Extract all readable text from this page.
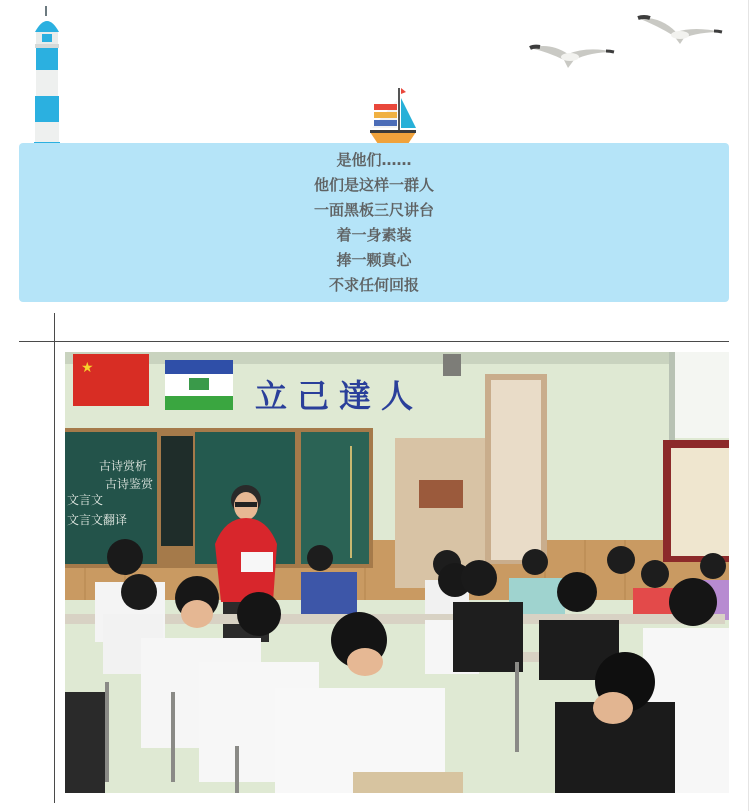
是他们……
他们是这样一群人
一面黑板三尺讲台
着一身素装
捧一颗真心
不求任何回报
★
立己達人
古诗赏析
古诗鉴赏
文言文
文言文翻译
